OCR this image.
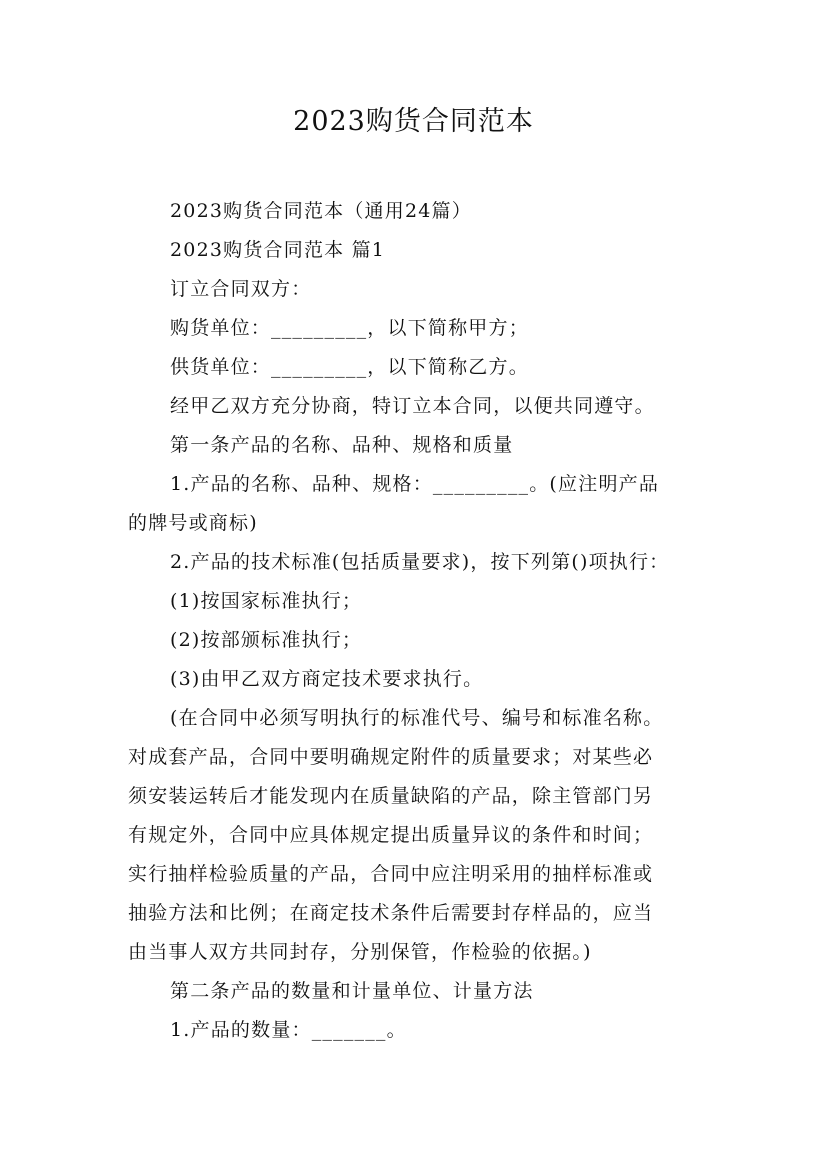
2023购货合同范本
2023购货合同范本（通用24篇）
2023购货合同范本 篇1
订立合同双方：
购货单位：_________，以下简称甲方；
供货单位：_________，以下简称乙方。
经甲乙双方充分协商，特订立本合同，以便共同遵守。
第一条产品的名称、品种、规格和质量
1.产品的名称、品种、规格：_________。(应注明产品
的牌号或商标)
2.产品的技术标准(包括质量要求)，按下列第()项执行：
(1)按国家标准执行；
(2)按部颁标准执行；
(3)由甲乙双方商定技术要求执行。
(在合同中必须写明执行的标准代号、编号和标准名称。
对成套产品，合同中要明确规定附件的质量要求；对某些必
须安装运转后才能发现内在质量缺陷的产品，除主管部门另
有规定外，合同中应具体规定提出质量异议的条件和时间；
实行抽样检验质量的产品，合同中应注明采用的抽样标准或
抽验方法和比例；在商定技术条件后需要封存样品的，应当
由当事人双方共同封存，分别保管，作检验的依据。)
第二条产品的数量和计量单位、计量方法
1.产品的数量：_______。
